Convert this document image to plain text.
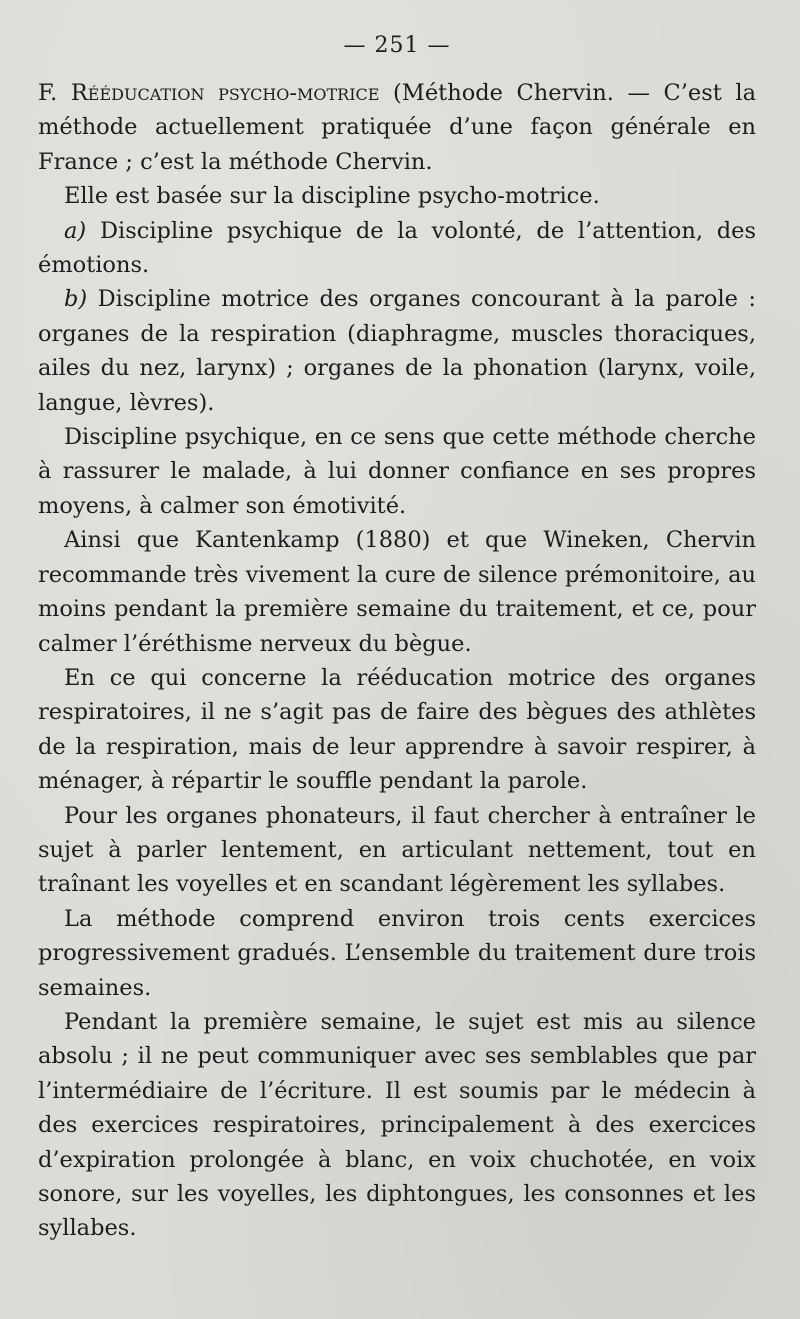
— 251 —

F. Rééducation psycho-motrice (Méthode Chervin. — C’est la méthode actuellement pratiquée d’une façon générale en France ; c’est la méthode Chervin.

Elle est basée sur la discipline psycho-motrice.

a) Discipline psychique de la volonté, de l’attention, des émotions.

b) Discipline motrice des organes concourant à la parole : organes de la respiration (diaphragme, muscles thoraciques, ailes du nez, larynx) ; organes de la phonation (larynx, voile, langue, lèvres).

Discipline psychique, en ce sens que cette méthode cherche à rassurer le malade, à lui donner confiance en ses propres moyens, à calmer son émotivité.

Ainsi que Kantenkamp (1880) et que Wineken, Chervin recommande très vivement la cure de silence prémonitoire, au moins pendant la première semaine du traitement, et ce, pour calmer l’éréthisme nerveux du bègue.

En ce qui concerne la rééducation motrice des organes respiratoires, il ne s’agit pas de faire des bègues des athlètes de la respiration, mais de leur apprendre à savoir respirer, à ménager, à répartir le souffle pendant la parole.

Pour les organes phonateurs, il faut chercher à entraîner le sujet à parler lentement, en articulant nettement, tout en traînant les voyelles et en scandant légèrement les syllabes.

La méthode comprend environ trois cents exercices progressivement gradués. L’ensemble du traitement dure trois semaines.

Pendant la première semaine, le sujet est mis au silence absolu ; il ne peut communiquer avec ses semblables que par l’intermédiaire de l’écriture. Il est soumis par le médecin à des exercices respiratoires, principalement à des exercices d’expiration prolongée à blanc, en voix chuchotée, en voix sonore, sur les voyelles, les diphtongues, les consonnes et les syllabes.
